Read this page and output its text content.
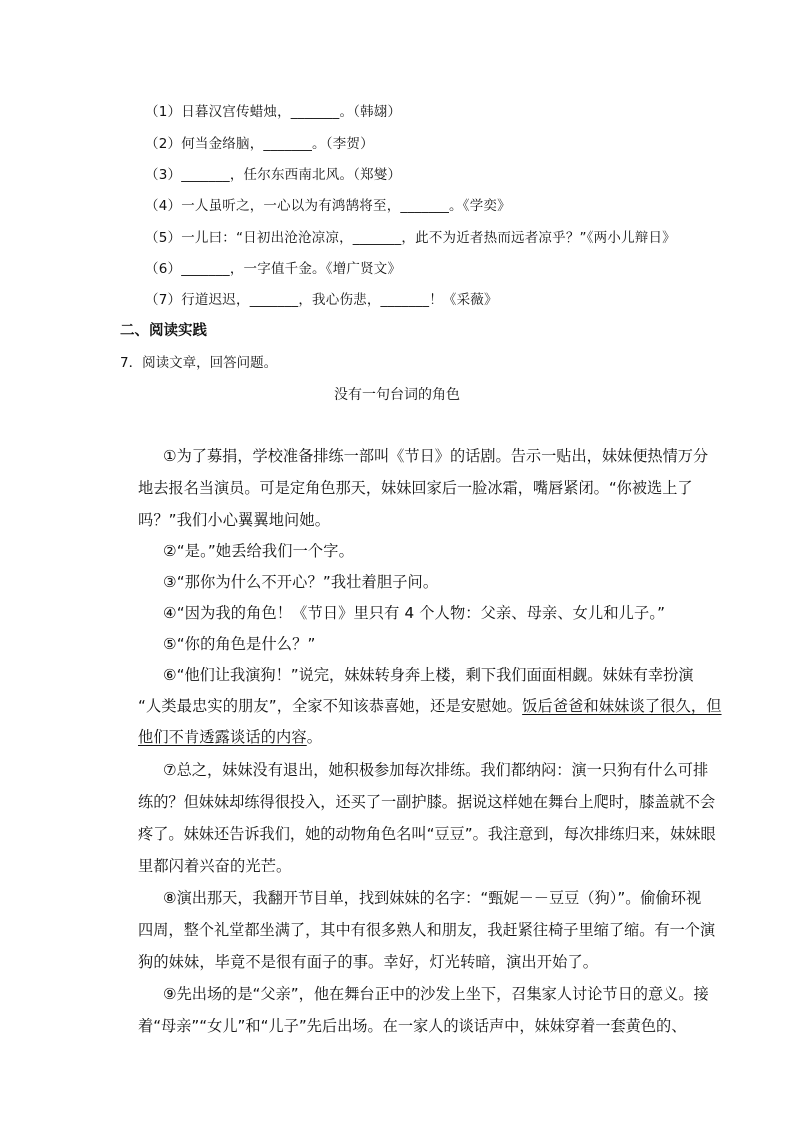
（1）日暮汉宫传蜡烛，_______。（韩翃）
（2）何当金络脑，_______。（李贺）
（3）_______，任尔东西南北风。（郑燮）
（4）一人虽听之，一心以为有鸿鹄将至，_______。《学奕》
（5）一儿曰：“日初出沧沧凉凉，_______，此不为近者热而远者凉乎？”《两小儿辩日》
（6）_______，一字值千金。《增广贤文》
（7）行道迟迟，_______，我心伤悲，_______！《采薇》
二、阅读实践
7．阅读文章，回答问题。
没有一句台词的角色
①为了募捐，学校准备排练一部叫《节日》的话剧。告示一贴出，妹妹便热情万分
地去报名当演员。可是定角色那天，妹妹回家后一脸冰霜，嘴唇紧闭。“你被选上了
吗？”我们小心翼翼地问她。
②“是。”她丢给我们一个字。
③“那你为什么不开心？”我壮着胆子问。
④“因为我的角色！《节日》里只有 4 个人物：父亲、母亲、女儿和儿子。”
⑤“你的角色是什么？”
⑥“他们让我演狗！”说完，妹妹转身奔上楼，剩下我们面面相觑。妹妹有幸扮演
“人类最忠实的朋友”，全家不知该恭喜她，还是安慰她。 饭后爸爸和妹妹谈了很久，但
他们不肯透露谈话的内容。
⑦总之，妹妹没有退出，她积极参加每次排练。我们都纳闷：演一只狗有什么可排
练的？但妹妹却练得很投入，还买了一副护膝。据说这样她在舞台上爬时，膝盖就不会
疼了。妹妹还告诉我们，她的动物角色名叫“豆豆”。我注意到，每次排练归来，妹妹眼
里都闪着兴奋的光芒。
⑧演出那天，我翻开节目单，找到妹妹的名字：“甄妮－－豆豆（狗）”。偷偷环视
四周，整个礼堂都坐满了，其中有很多熟人和朋友，我赶紧往椅子里缩了缩。有一个演
狗的妹妹，毕竟不是很有面子的事。幸好，灯光转暗，演出开始了。
⑨先出场的是“父亲”，他在舞台正中的沙发上坐下，召集家人讨论节日的意义。接
着“母亲”“女儿”和“儿子”先后出场。在一家人的谈话声中，妹妹穿着一套黄色的、
